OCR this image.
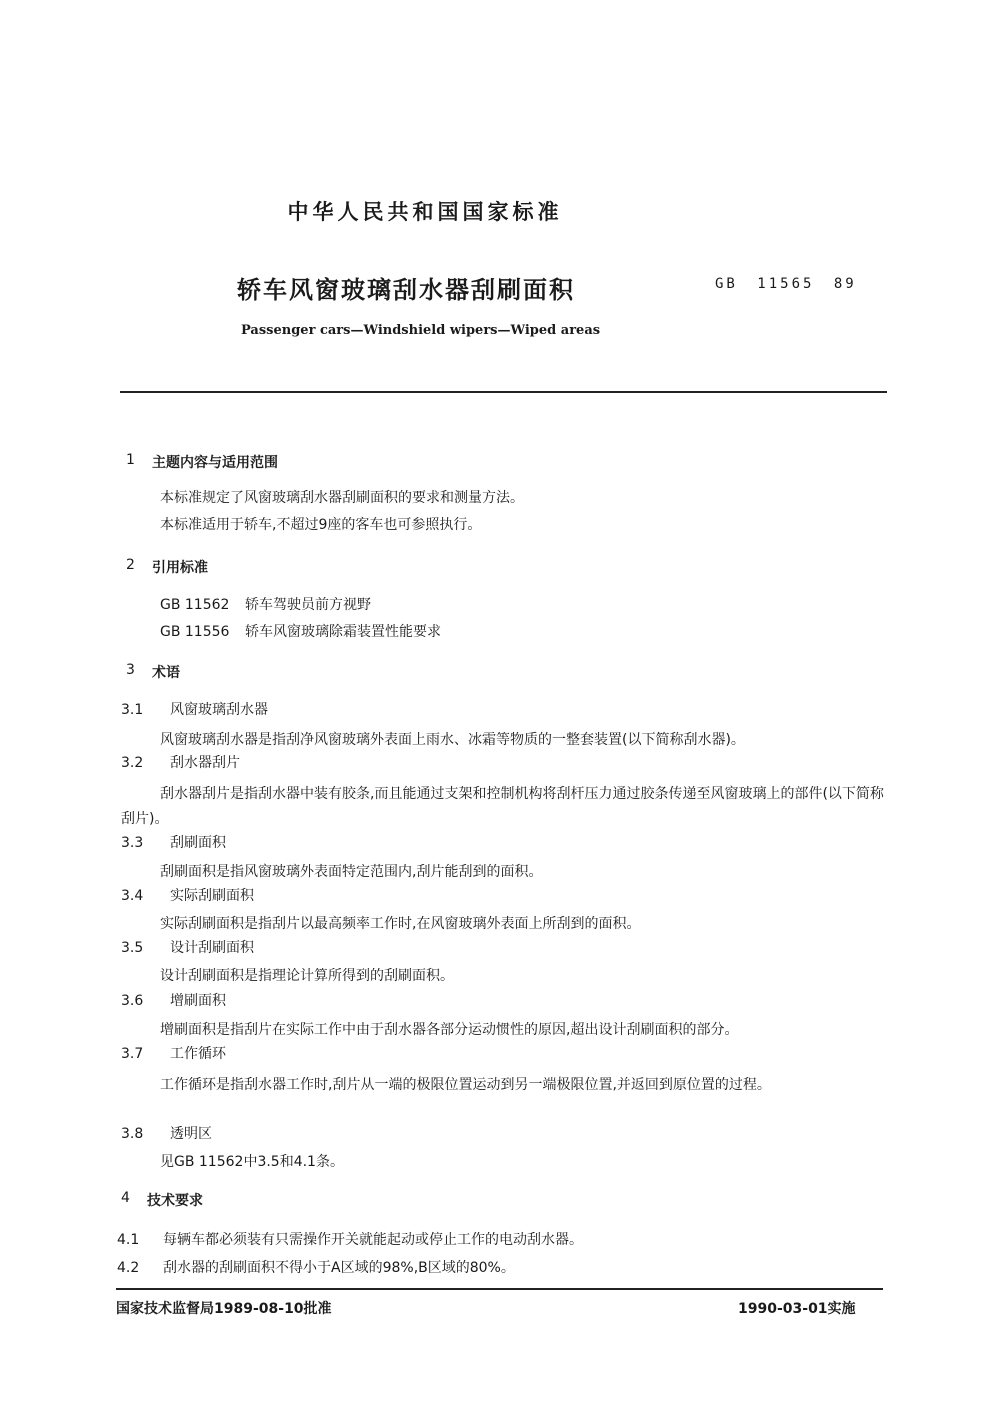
中华人民共和国国家标准
轿车风窗玻璃刮水器刮刷面积	GB 11565 89
Passenger cars—Windshield wipers—Wiped areas
1 主题内容与适用范围
本标准规定了风窗玻璃刮水器刮刷面积的要求和测量方法。
本标准适用于轿车,不超过9座的客车也可参照执行。
2 引用标准
GB 11562 轿车驾驶员前方视野
GB 11556 轿车风窗玻璃除霜装置性能要求
3 术语
3.1 风窗玻璃刮水器
风窗玻璃刮水器是指刮净风窗玻璃外表面上雨水、冰霜等物质的一整套装置(以下简称刮水器)。
3.2 刮水器刮片
刮水器刮片是指刮水器中装有胶条,而且能通过支架和控制机构将刮杆压力通过胶条传递至风窗玻璃上的部件(以下简称刮片)。
3.3 刮刷面积
刮刷面积是指风窗玻璃外表面特定范围内,刮片能刮到的面积。
3.4 实际刮刷面积
实际刮刷面积是指刮片以最高频率工作时,在风窗玻璃外表面上所刮到的面积。
3.5 设计刮刷面积
设计刮刷面积是指理论计算所得到的刮刷面积。
3.6 增刷面积
增刷面积是指刮片在实际工作中由于刮水器各部分运动惯性的原因,超出设计刮刷面积的部分。
3.7 工作循环
工作循环是指刮水器工作时,刮片从一端的极限位置运动到另一端极限位置,并返回到原位置的过程。
3.8 透明区
见GB 11562中3.5和4.1条。
4 技术要求
4.1 每辆车都必须装有只需操作开关就能起动或停止工作的电动刮水器。
4.2 刮水器的刮刷面积不得小于A区域的98%,B区域的80%。
国家技术监督局1989-08-10批准	1990-03-01实施
